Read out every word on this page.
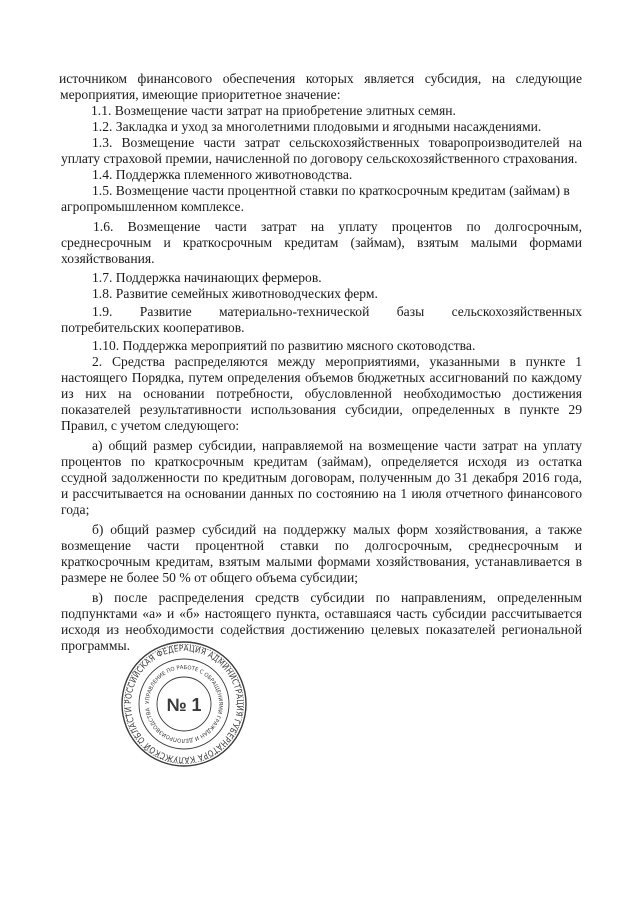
источником финансового обеспечения которых является субсидия, на следующие

мероприятия, имеющие приоритетное значение:

1.1. Возмещение части затрат на приобретение элитных семян.

1.2. Закладка и уход за многолетними плодовыми и ягодными насаждениями.

1.3. Возмещение части затрат сельскохозяйственных товаропроизводителей на

уплату страховой премии, начисленной по договору сельскохозяйственного страхования.

1.4. Поддержка племенного животноводства.

1.5. Возмещение части процентной ставки по краткосрочным кредитам (займам) в

агропромышленном комплексе.

1.6. Возмещение части затрат на уплату процентов по долгосрочным,

среднесрочным и краткосрочным кредитам (займам), взятым малыми формами

хозяйствования.

1.7. Поддержка начинающих фермеров.

1.8. Развитие семейных животноводческих ферм.

1.9. Развитие материально-технической базы сельскохозяйственных

потребительских кооперативов.

1.10. Поддержка мероприятий по развитию мясного скотоводства.

2. Средства распределяются между мероприятиями, указанными в пункте 1

настоящего Порядка, путем определения объемов бюджетных ассигнований по каждому

из них на основании потребности, обусловленной необходимостью достижения

показателей результативности использования субсидии, определенных в пункте 29

Правил, с учетом следующего:

а) общий размер субсидии, направляемой на возмещение части затрат на уплату

процентов по краткосрочным кредитам (займам), определяется исходя из остатка

ссудной задолженности по кредитным договорам, полученным до 31 декабря 2016 года,

и рассчитывается на основании данных по состоянию на 1 июля отчетного финансового

года;

б) общий размер субсидий на поддержку малых форм хозяйствования, а также

возмещение части процентной ставки по долгосрочным, среднесрочным и

краткосрочным кредитам, взятым малыми формами хозяйствования, устанавливается в

размере не более 50 % от общего объема субсидии;

в) после распределения средств субсидии по направлениям, определенным

подпунктами «а» и «б» настоящего пункта, оставшаяся часть субсидии рассчитывается

исходя из необходимости содействия достижению целевых показателей региональной

программы.

РОССИЙСКАЯ ФЕДЕРАЦИЯ АДМИНИСТРАЦИЯ ГУБЕРНАТОРА КАЛУЖСКОЙ ОБЛАСТИ
УПРАВЛЕНИЕ ПО РАБОТЕ С ОБРАЩЕНИЯМИ ГРАЖДАН И ДЕЛОПРОИЗВОДСТВА № 1
